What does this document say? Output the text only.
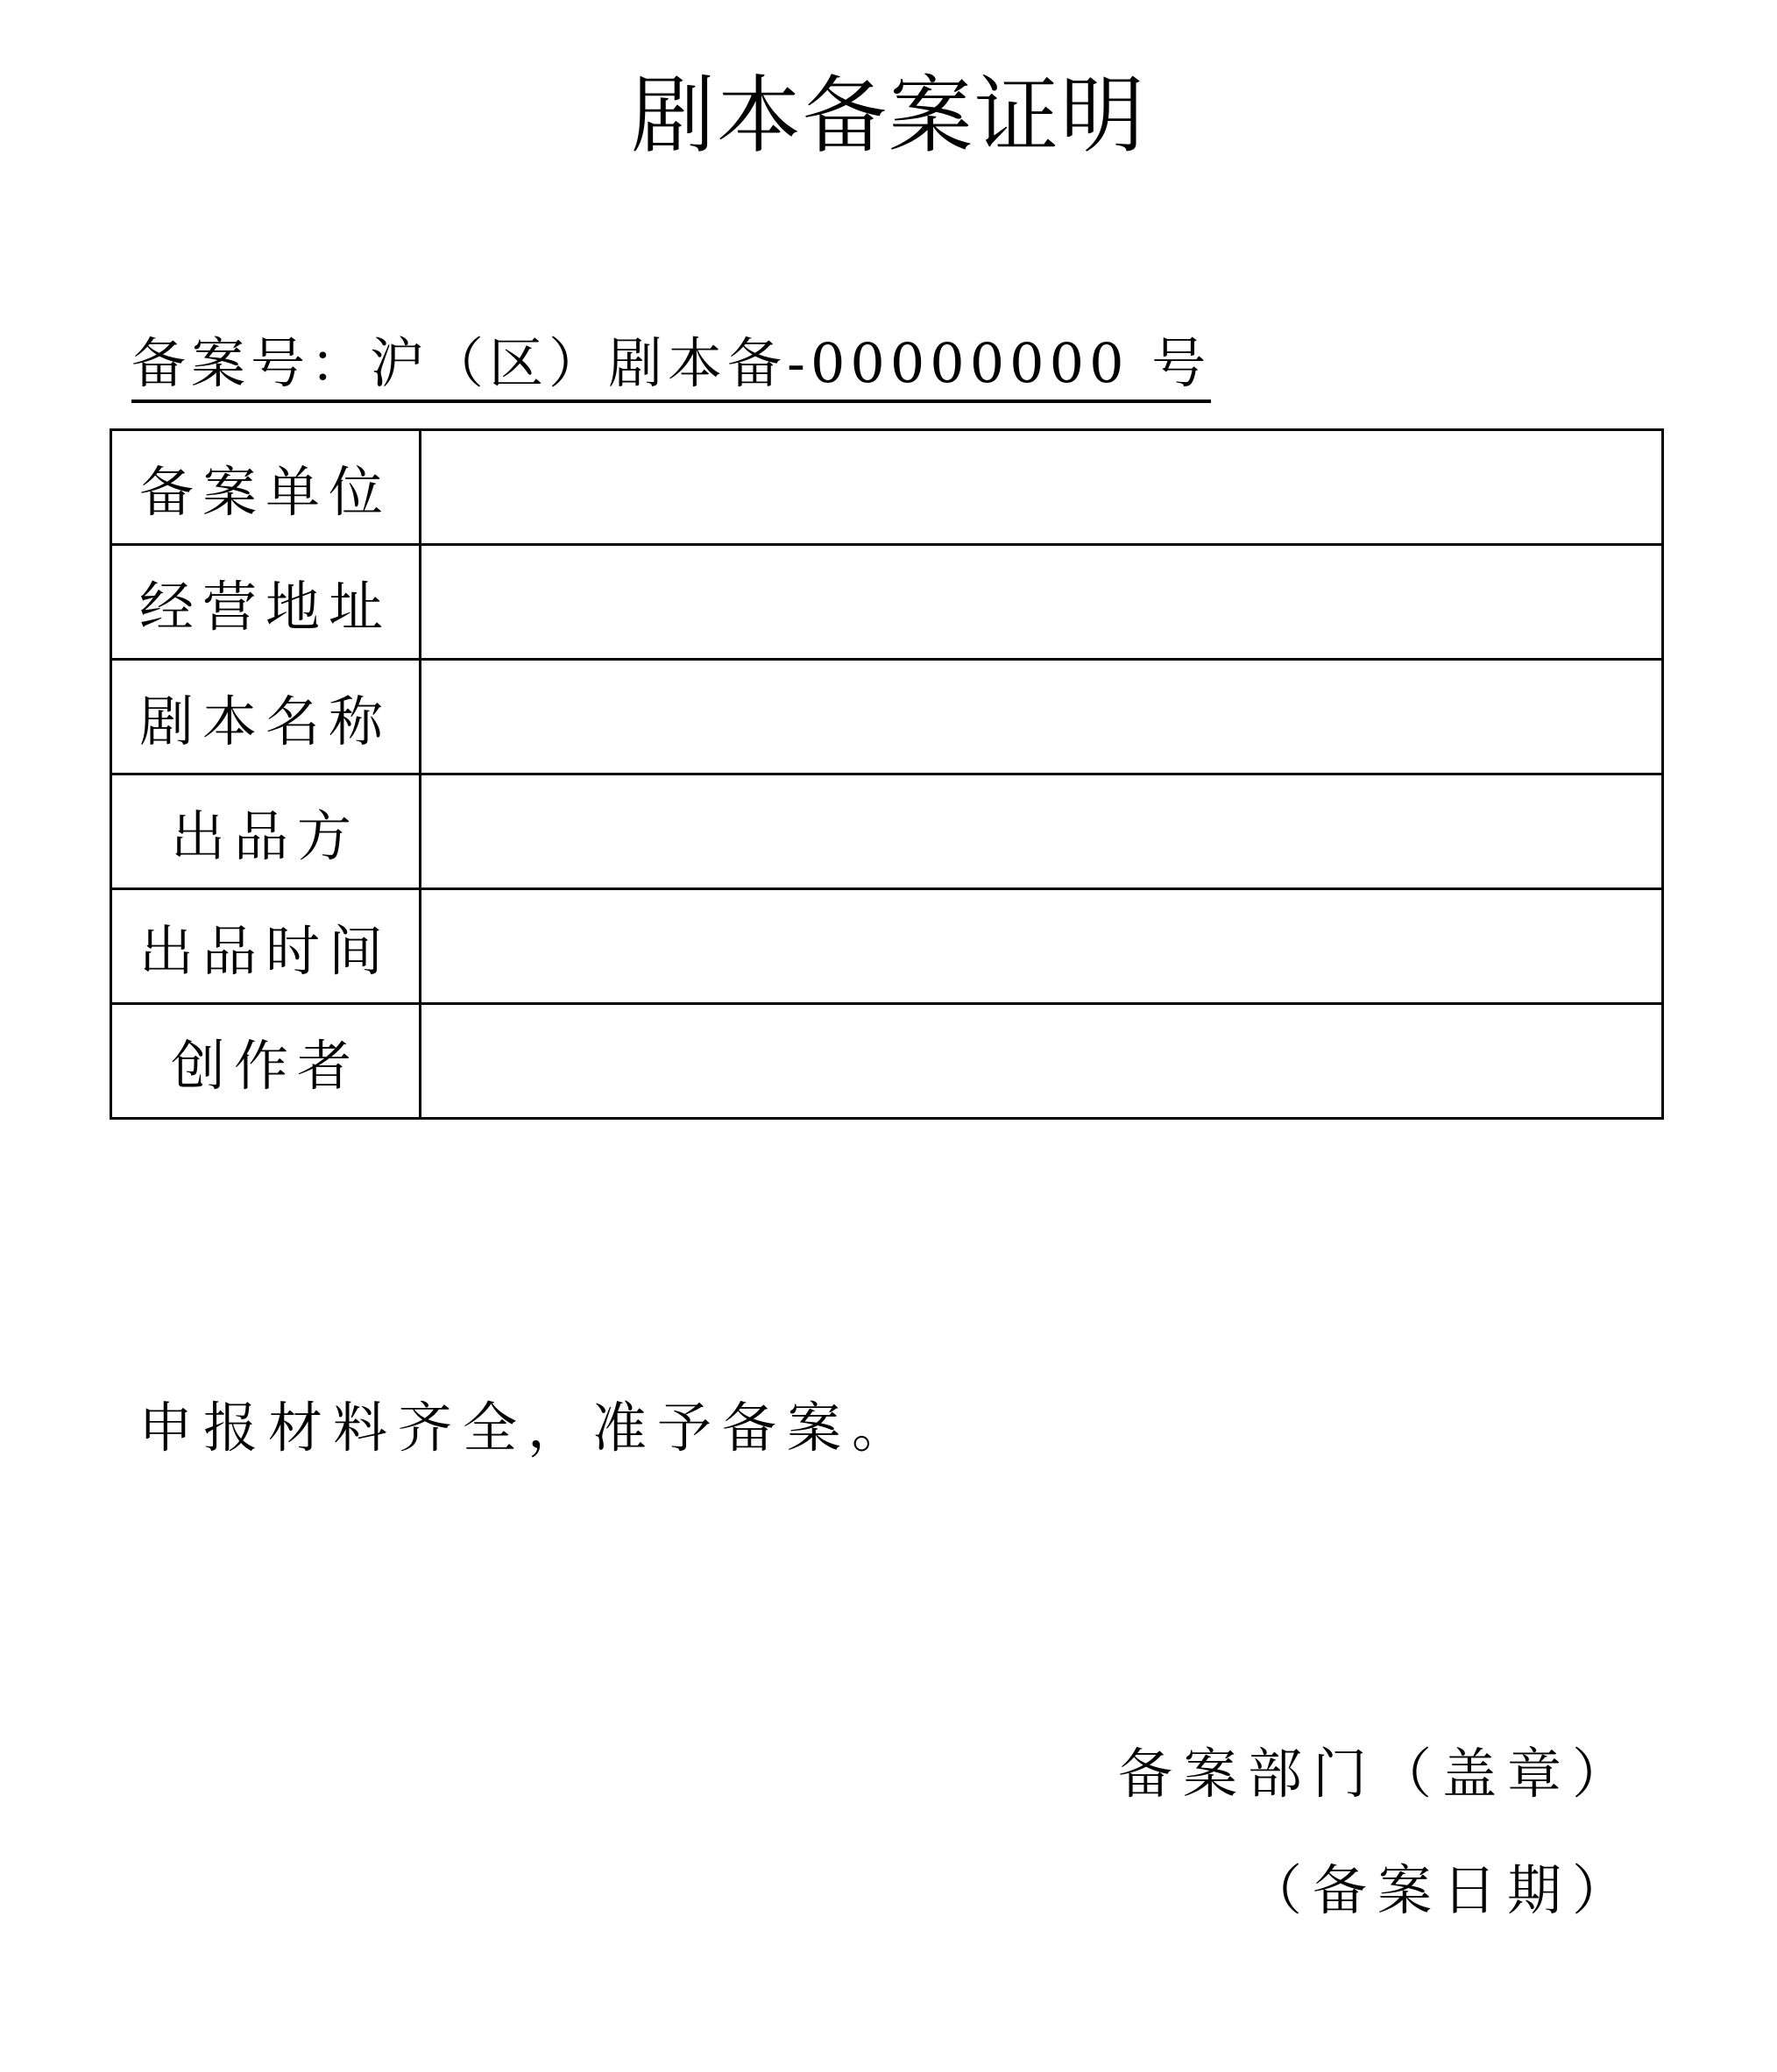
剧本备案证明
备案号：沪（区）剧本备-00000000 号
备案单位	
经营地址	
剧本名称	
出品方	
出品时间	
创作者	
申报材料齐全，准予备案。
备案部门（盖章）
（备案日期）
